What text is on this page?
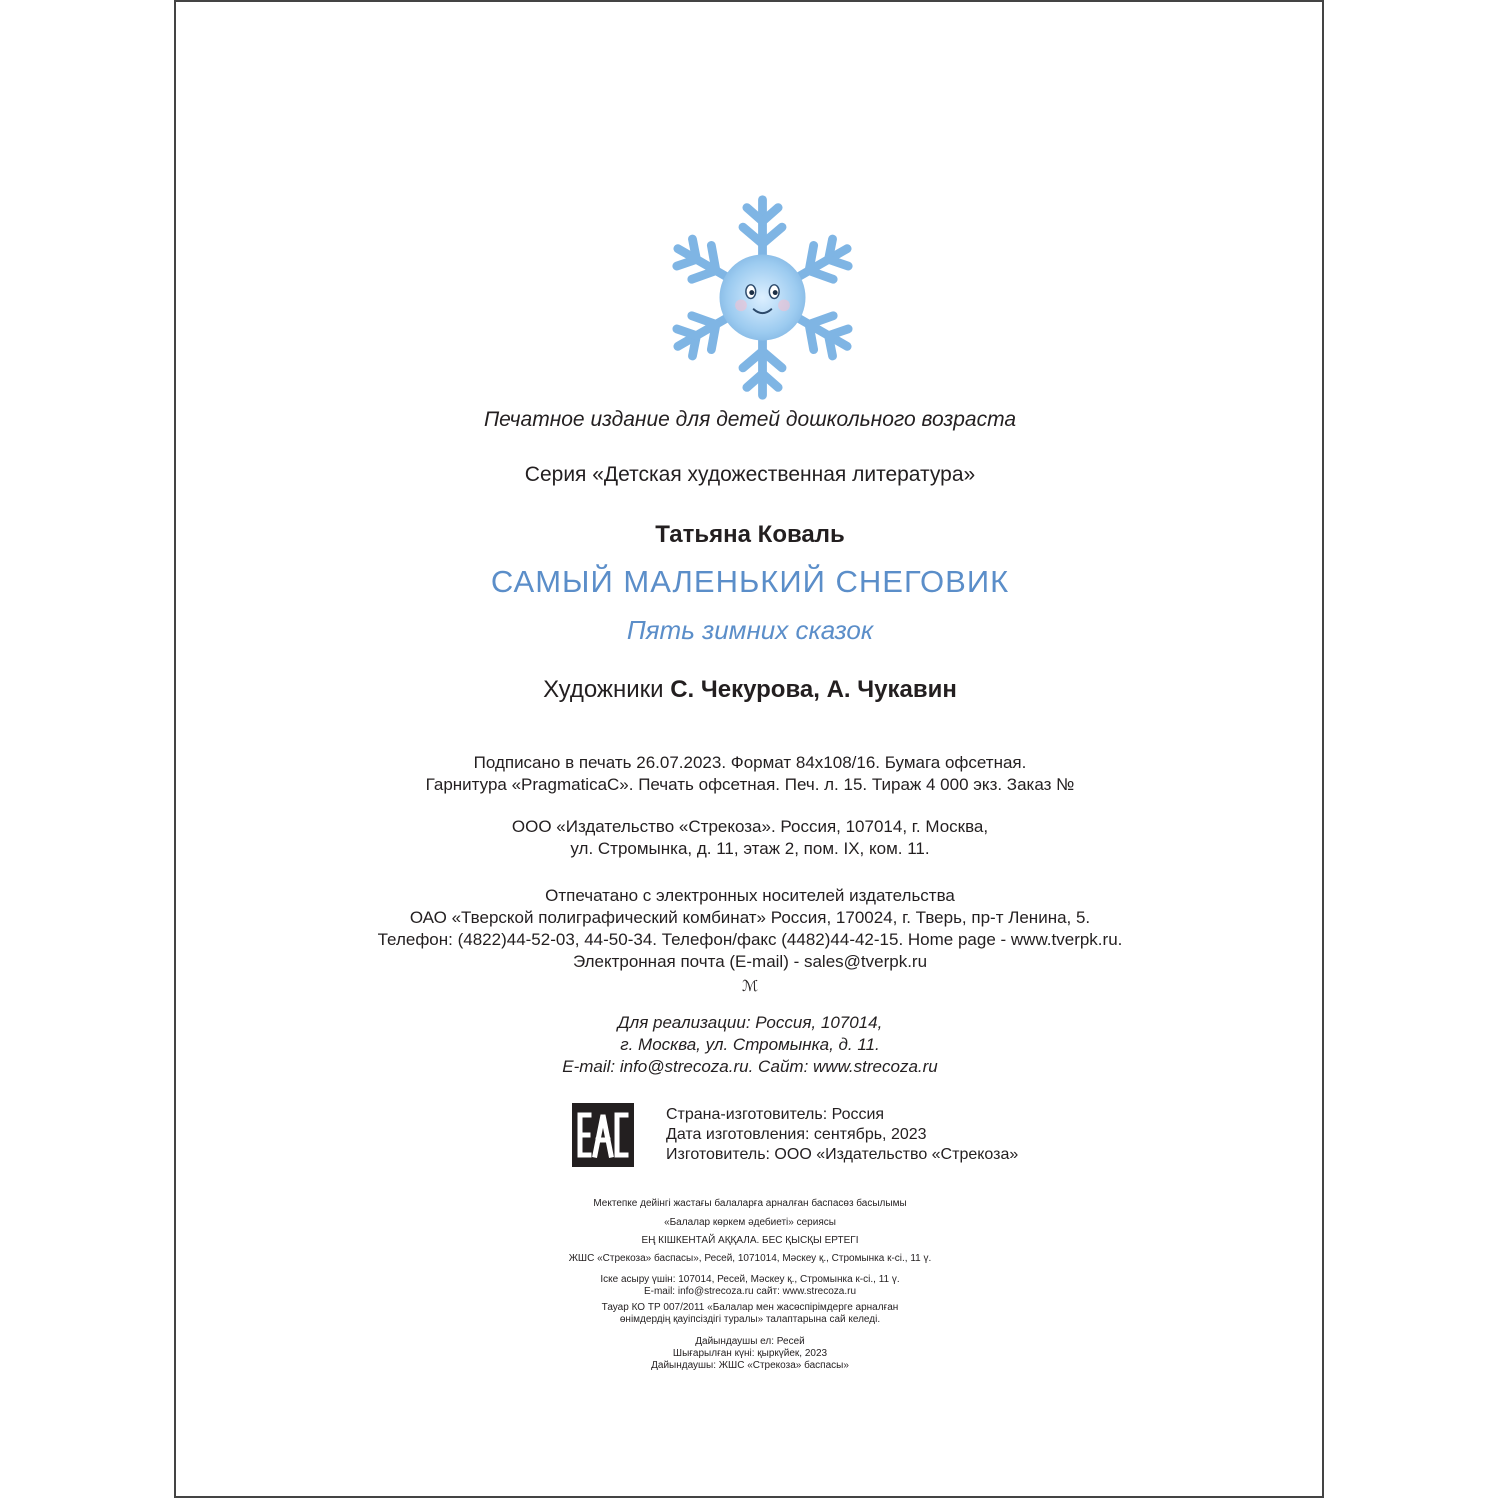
Печатное издание для детей дошкольного возраста
Серия «Детская художественная литература»
Татьяна Коваль
САМЫЙ МАЛЕНЬКИЙ СНЕГОВИК
Пять зимних сказок
Художники С. Чекурова, А. Чукавин
Подписано в печать 26.07.2023. Формат 84x108/16. Бумага офсетная.
Гарнитура «PragmaticaC». Печать офсетная. Печ. л. 15. Тираж 4 000 экз. Заказ №
ООО «Издательство «Стрекоза». Россия, 107014, г. Москва,
ул. Стромынка, д. 11, этаж 2, пом. IX, ком. 11.
Отпечатано с электронных носителей издательства
ОАО «Тверской полиграфический комбинат» Россия, 170024, г. Тверь, пр-т Ленина, 5.
Телефон: (4822)44-52-03, 44-50-34. Телефон/факс (4482)44-42-15. Home page - www.tverpk.ru.
Электронная почта (E-mail) - sales@tverpk.ru
ℳ
Для реализации: Россия, 107014,
г. Москва, ул. Стромынка, д. 11.
E-mail: info@strecoza.ru. Сайт: www.strecoza.ru
Страна-изготовитель: Россия
Дата изготовления: сентябрь, 2023
Изготовитель: ООО «Издательство «Стрекоза»

Мектепке дейінгі жастағы балаларға арналған баспасөз басылымы

«Балалар көркем әдебиеті» сериясы

ЕҢ КІШКЕНТАЙ АҚҚАЛА. БЕС ҚЫСҚЫ ЕРТЕГІ

ЖШС «Стрекоза» баспасы», Ресей, 1071014, Мәскеу қ., Стромынка к-сі., 11 ү.

Іске асыру үшін: 107014, Ресей, Мәскеу қ., Стромынка к-сі., 11 ү.

E-mail: info@strecoza.ru сайт: www.strecoza.ru

Тауар КО ТР 007/2011 «Балалар мен жасөспірімдерге арналған

өнімдердің қауіпсіздігі туралы» талаптарына сай келеді.

Дайындаушы ел: Ресей

Шығарылған күні: қыркүйек, 2023

Дайындаушы: ЖШС «Стрекоза» баспасы»
